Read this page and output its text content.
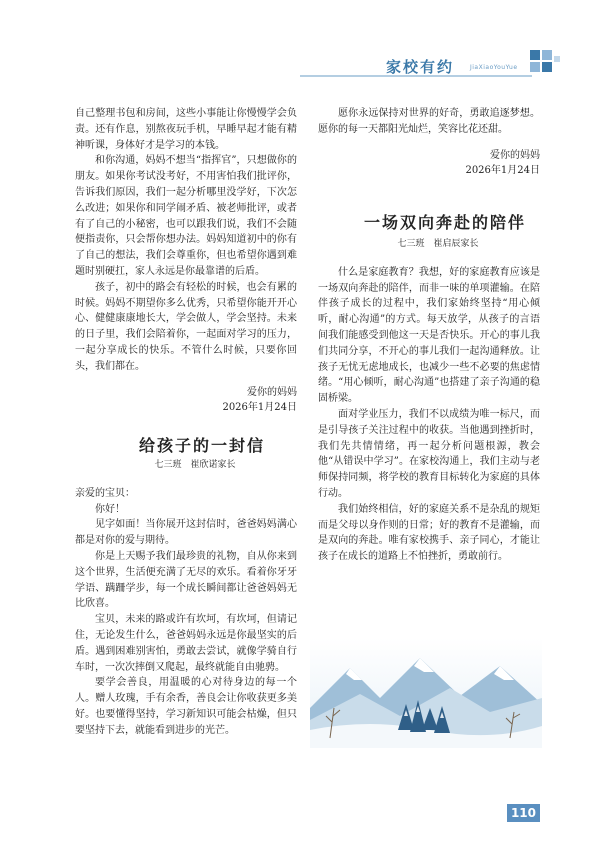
家校有约	JiaXiaoYouYue

自己整理书包和房间，这些小事能让你慢慢学会负责。还有作息，别熬夜玩手机，早睡早起才能有精神听课，身体好才是学习的本钱。

和你沟通，妈妈不想当“指挥官”，只想做你的朋友。如果你考试没考好，不用害怕我们批评你，告诉我们原因，我们一起分析哪里没学好，下次怎么改进；如果你和同学闹矛盾、被老师批评，或者有了自己的小秘密，也可以跟我们说，我们不会随便指责你，只会帮你想办法。妈妈知道初中的你有了自己的想法，我们会尊重你，但也希望你遇到难题时别硬扛，家人永远是你最靠谱的后盾。

孩子，初中的路会有轻松的时候，也会有累的时候。妈妈不期望你多么优秀，只希望你能开开心心、健健康康地长大，学会做人，学会坚持。未来的日子里，我们会陪着你，一起面对学习的压力，一起分享成长的快乐。不管什么时候，只要你回头，我们都在。

爱你的妈妈

2026年1月24日

给孩子的一封信

七三班　崔欣诺家长

亲爱的宝贝：

你好！

见字如面！当你展开这封信时，爸爸妈妈满心都是对你的爱与期待。

你是上天赐予我们最珍贵的礼物，自从你来到这个世界，生活便充满了无尽的欢乐。看着你牙牙学语、蹒跚学步，每一个成长瞬间都让爸爸妈妈无比欣喜。

宝贝，未来的路或许有坎坷，有坎坷，但请记住，无论发生什么，爸爸妈妈永远是你最坚实的后盾。遇到困难别害怕，勇敢去尝试，就像学骑自行车时，一次次摔倒又爬起，最终就能自由驰骋。

要学会善良，用温暖的心对待身边的每一个人。赠人玫瑰，手有余香，善良会让你收获更多美好。也要懂得坚持，学习新知识可能会枯燥，但只要坚持下去，就能看到进步的光芒。

愿你永远保持对世界的好奇，勇敢追逐梦想。愿你的每一天都阳光灿烂，笑容比花还甜。

爱你的妈妈

2026年1月24日

一场双向奔赴的陪伴

七三班　崔启辰家长

什么是家庭教育？我想，好的家庭教育应该是一场双向奔赴的陪伴，而非一味的单项灌输。在陪伴孩子成长的过程中，我们家始终坚持“用心倾听，耐心沟通”的方式。每天放学，从孩子的言语间我们能感受到他这一天是否快乐。开心的事儿我们共同分享，不开心的事儿我们一起沟通释放。让孩子无忧无虑地成长，也减少一些不必要的焦虑情绪。“用心倾听，耐心沟通”也搭建了亲子沟通的稳固桥梁。

面对学业压力，我们不以成绩为唯一标尺，而是引导孩子关注过程中的收获。当他遇到挫折时，我们先共情情绪，再一起分析问题根源，教会他“从错误中学习”。在家校沟通上，我们主动与老师保持同频，将学校的教育目标转化为家庭的具体行动。

我们始终相信，好的家庭关系不是杂乱的规矩而是父母以身作则的日常；好的教育不是灌输，而是双向的奔赴。唯有家校携手、亲子同心，才能让孩子在成长的道路上不怕挫折，勇敢前行。

110
